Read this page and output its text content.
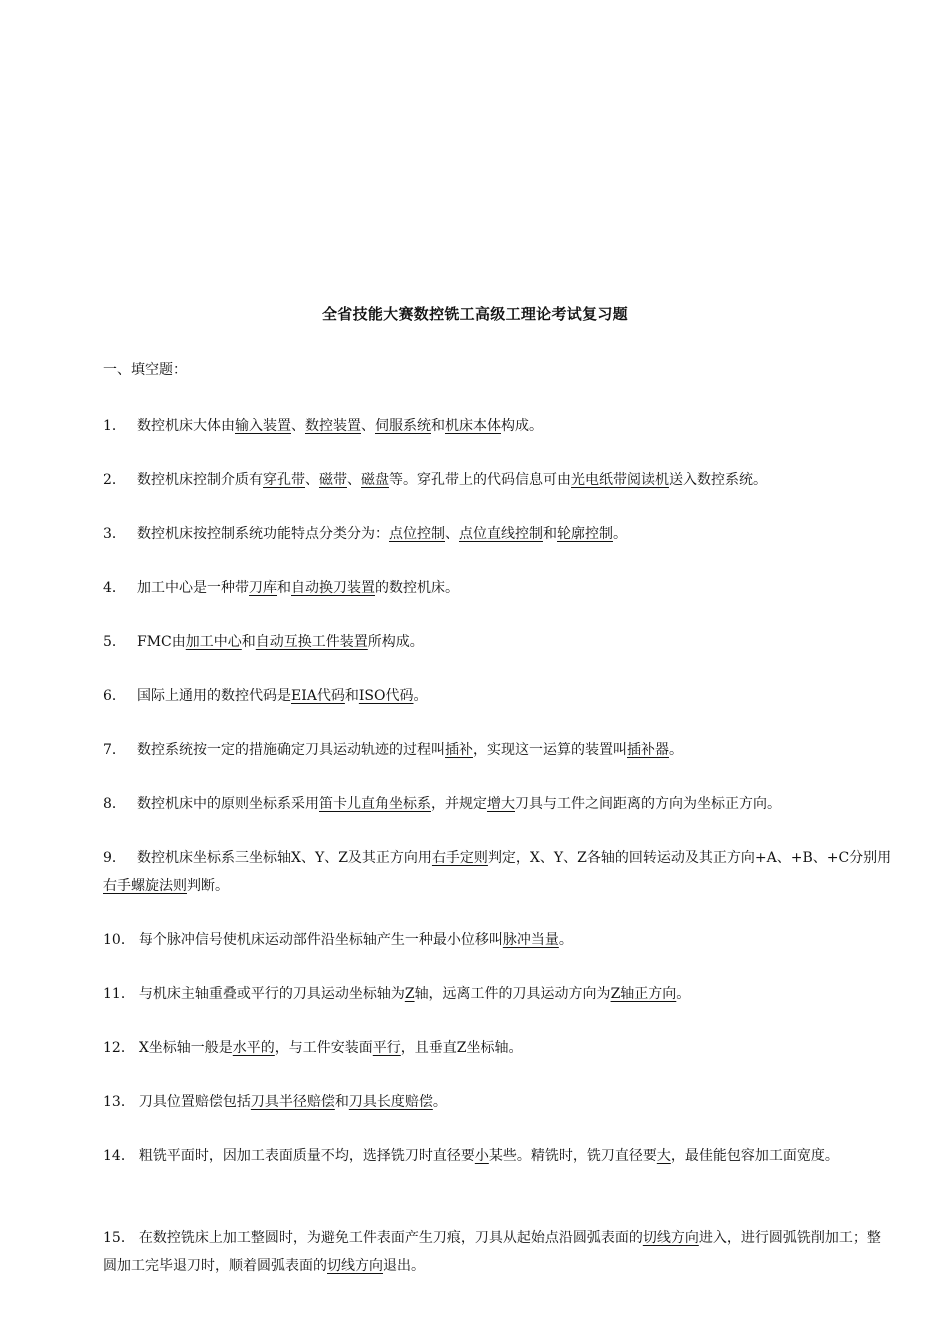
全省技能大赛数控铣工高级工理论考试复习题
一、填空题：
1． 数控机床大体由输入装置、数控装置、伺服系统和机床本体构成。
2． 数控机床控制介质有穿孔带、磁带、磁盘等。穿孔带上的代码信息可由光电纸带阅读机送入数控系统。
3． 数控机床按控制系统功能特点分类分为：点位控制、点位直线控制和轮廓控制。
4． 加工中心是一种带刀库和自动换刀装置的数控机床。
5． FMC由加工中心和自动互换工件装置所构成。
6． 国际上通用的数控代码是EIA代码和ISO代码。
7． 数控系统按一定的措施确定刀具运动轨迹的过程叫插补，实现这一运算的装置叫插补器。
8． 数控机床中的原则坐标系采用笛卡儿直角坐标系，并规定增大刀具与工件之间距离的方向为坐标正方向。
9． 数控机床坐标系三坐标轴X、Y、Z及其正方向用右手定则判定，X、Y、Z各轴的回转运动及其正方向+A、+B、+C分别用右手螺旋法则判断。
10． 每个脉冲信号使机床运动部件沿坐标轴产生一种最小位移叫脉冲当量。
11． 与机床主轴重叠或平行的刀具运动坐标轴为Z轴，远离工件的刀具运动方向为Z轴正方向。
12． X坐标轴一般是水平的，与工件安装面平行，且垂直Z坐标轴。
13． 刀具位置赔偿包括刀具半径赔偿和刀具长度赔偿。
14． 粗铣平面时，因加工表面质量不均，选择铣刀时直径要小某些。精铣时，铣刀直径要大，最佳能包容加工面宽度。
15． 在数控铣床上加工整圆时，为避免工件表面产生刀痕，刀具从起始点沿圆弧表面的切线方向进入，进行圆弧铣削加工；整圆加工完毕退刀时，顺着圆弧表面的切线方向退出。
